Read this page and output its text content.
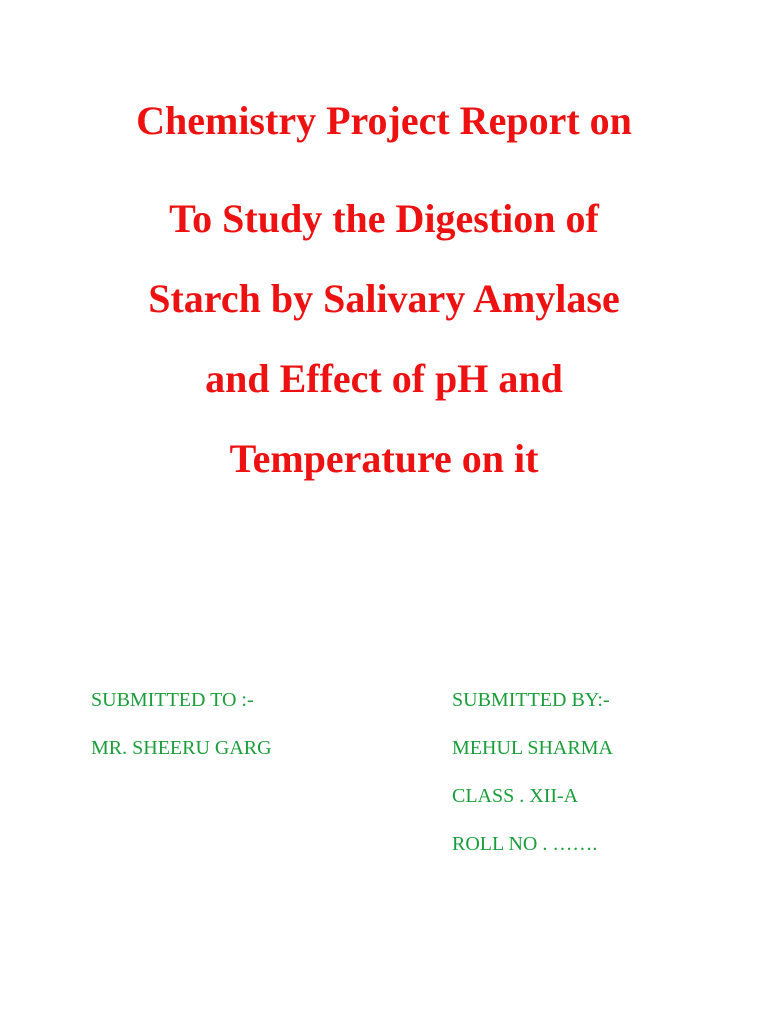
Chemistry Project Report on
To Study the Digestion of
Starch by Salivary Amylase
and Effect of pH and
Temperature on it
SUBMITTED TO :-
MR. SHEERU GARG
SUBMITTED BY:-
MEHUL SHARMA
CLASS . XII-A
ROLL NO . …….
